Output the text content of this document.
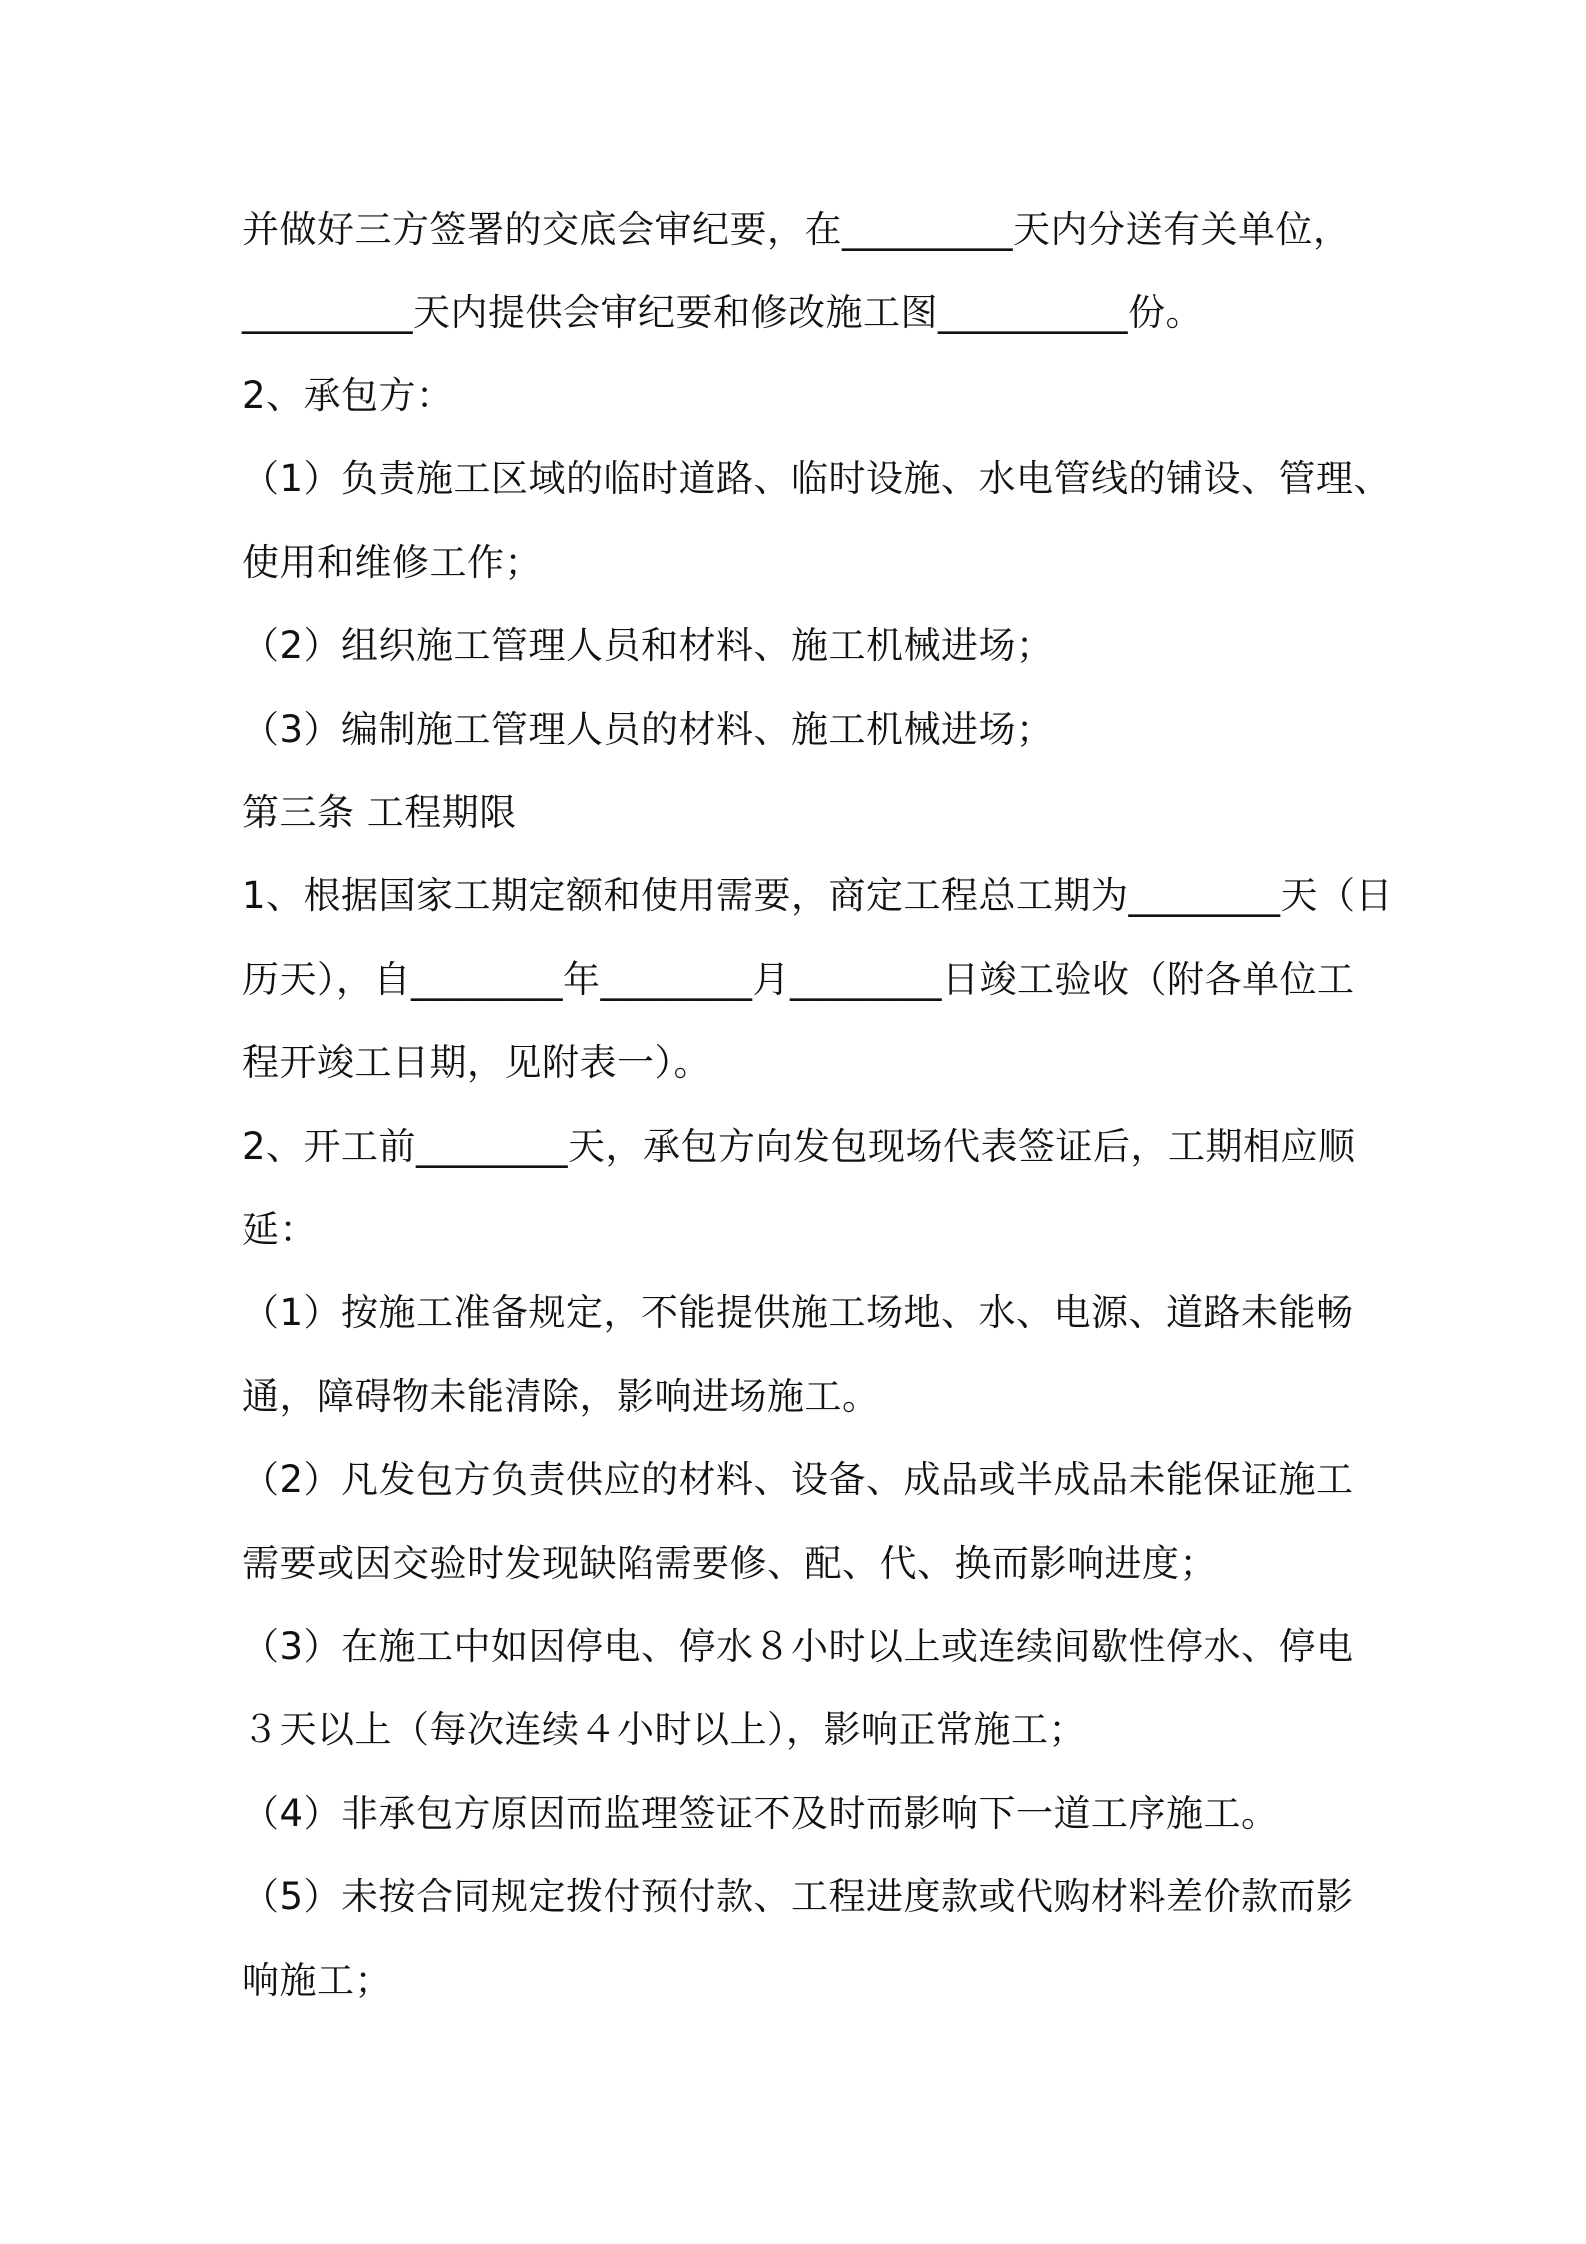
并做好三方签署的交底会审纪要，在_________天内分送有关单位，
_________天内提供会审纪要和修改施工图__________份。
2、承包方：
（1）负责施工区域的临时道路、临时设施、水电管线的铺设、管理、
使用和维修工作；
（2）组织施工管理人员和材料、施工机械进场；
（3）编制施工管理人员的材料、施工机械进场；
第三条 工程期限
1、根据国家工期定额和使用需要，商定工程总工期为________天（日
历天），自________年________月________日竣工验收（附各单位工
程开竣工日期，见附表一）。
2、开工前________天，承包方向发包现场代表签证后，工期相应顺
延：
（1）按施工准备规定，不能提供施工场地、水、电源、道路未能畅
通，障碍物未能清除，影响进场施工。
（2）凡发包方负责供应的材料、设备、成品或半成品未能保证施工
需要或因交验时发现缺陷需要修、配、代、换而影响进度；
（3）在施工中如因停电、停水８小时以上或连续间歇性停水、停电
３天以上（每次连续４小时以上），影响正常施工；
（4）非承包方原因而监理签证不及时而影响下一道工序施工。
（5）未按合同规定拨付预付款、工程进度款或代购材料差价款而影
响施工；
